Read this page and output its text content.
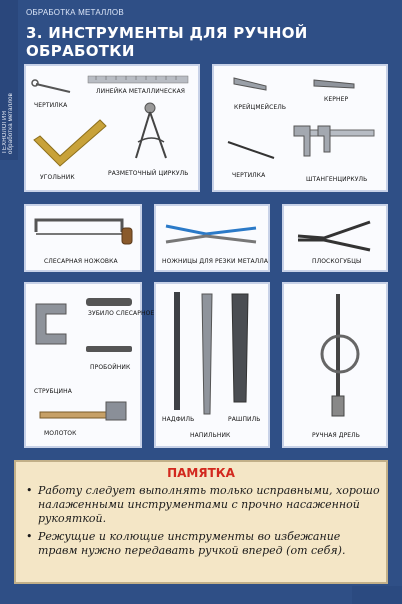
ТЕХНОЛОГИЯ обработка металлов
ОБРАБОТКА МЕТАЛЛОВ
3. ИНСТРУМЕНТЫ ДЛЯ РУЧНОЙ ОБРАБОТКИ
ЧЕРТИЛКА
ЛИНЕЙКА МЕТАЛЛИЧЕСКАЯ
УГОЛЬНИК
РАЗМЕТОЧНЫЙ ЦИРКУЛЬ
КРЕЙЦМЕЙСЕЛЬ
КЕРНЕР
ЧЕРТИЛКА
ШТАНГЕНЦИРКУЛЬ
СЛЕСАРНАЯ НОЖОВКА	НОЖНИЦЫ ДЛЯ РЕЗКИ МЕТАЛЛА	ПЛОСКОГУБЦЫ
ЗУБИЛО СЛЕСАРНОЕ
ПРОБОЙНИК
СТРУБЦИНА
МОЛОТОК
НАДФИЛЬ
НАПИЛЬНИК
РАШПИЛЬ
РУЧНАЯ ДРЕЛЬ
ПАМЯТКА
• Работу следует выполнять только исправными, хорошо налаженными инструментами с прочно насаженной рукояткой.
• Режущие и колющие инструменты во избежание травм нужно передавать ручкой вперед (от себя).
